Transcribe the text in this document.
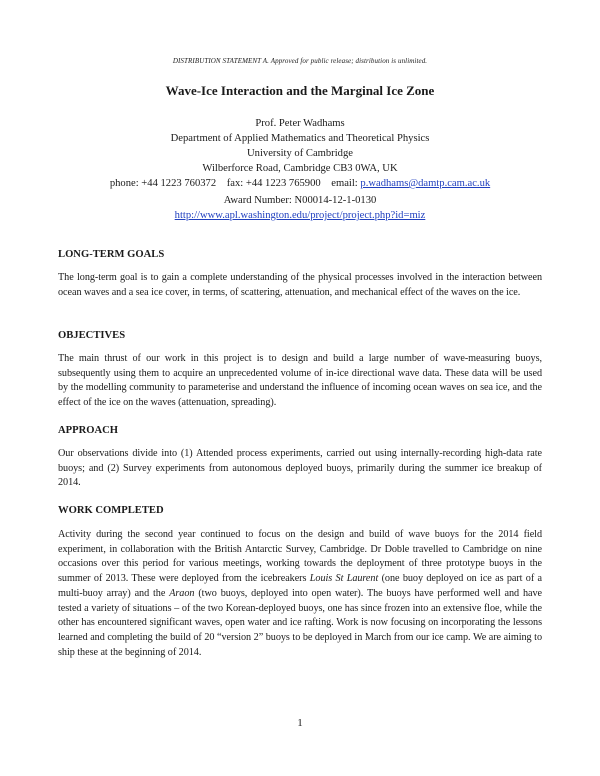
DISTRIBUTION STATEMENT A. Approved for public release; distribution is unlimited.
Wave-Ice Interaction and the Marginal Ice Zone
Prof. Peter Wadhams
Department of Applied Mathematics and Theoretical Physics
University of Cambridge
Wilberforce Road, Cambridge CB3 0WA, UK
phone: +44 1223 760372    fax: +44 1223 765900    email: p.wadhams@damtp.cam.ac.uk
Award Number: N00014-12-1-0130
http://www.apl.washington.edu/project/project.php?id=miz

LONG-TERM GOALS

The long-term goal is to gain a complete understanding of the physical processes involved in the interaction between ocean waves and a sea ice cover, in terms, of scattering, attenuation, and mechanical effect of the waves on the ice.

OBJECTIVES

The main thrust of our work in this project is to design and build a large number of wave-measuring buoys, subsequently using them to acquire an unprecedented volume of in-ice directional wave data. These data will be used by the modelling community to parameterise and understand the influence of incoming ocean waves on sea ice, and the effect of the ice on the waves (attenuation, spreading).

APPROACH

Our observations divide into (1) Attended process experiments, carried out using internally-recording high-data rate buoys; and (2) Survey experiments from autonomous deployed buoys, primarily during the summer ice breakup of 2014.

WORK COMPLETED

Activity during the second year continued to focus on the design and build of wave buoys for the 2014 field experiment, in collaboration with the British Antarctic Survey, Cambridge. Dr Doble travelled to Cambridge on nine occasions over this period for various meetings, working towards the deployment of three prototype buoys in the summer of 2013. These were deployed from the icebreakers Louis St Laurent (one buoy deployed on ice as part of a multi-buoy array) and the Araon (two buoys, deployed into open water). The buoys have performed well and have tested a variety of situations – of the two Korean-deployed buoys, one has since frozen into an extensive floe, while the other has encountered significant waves, open water and ice rafting. Work is now focusing on incorporating the lessons learned and completing the build of 20 “version 2” buoys to be deployed in March from our ice camp. We are aiming to ship these at the beginning of 2014.

1
